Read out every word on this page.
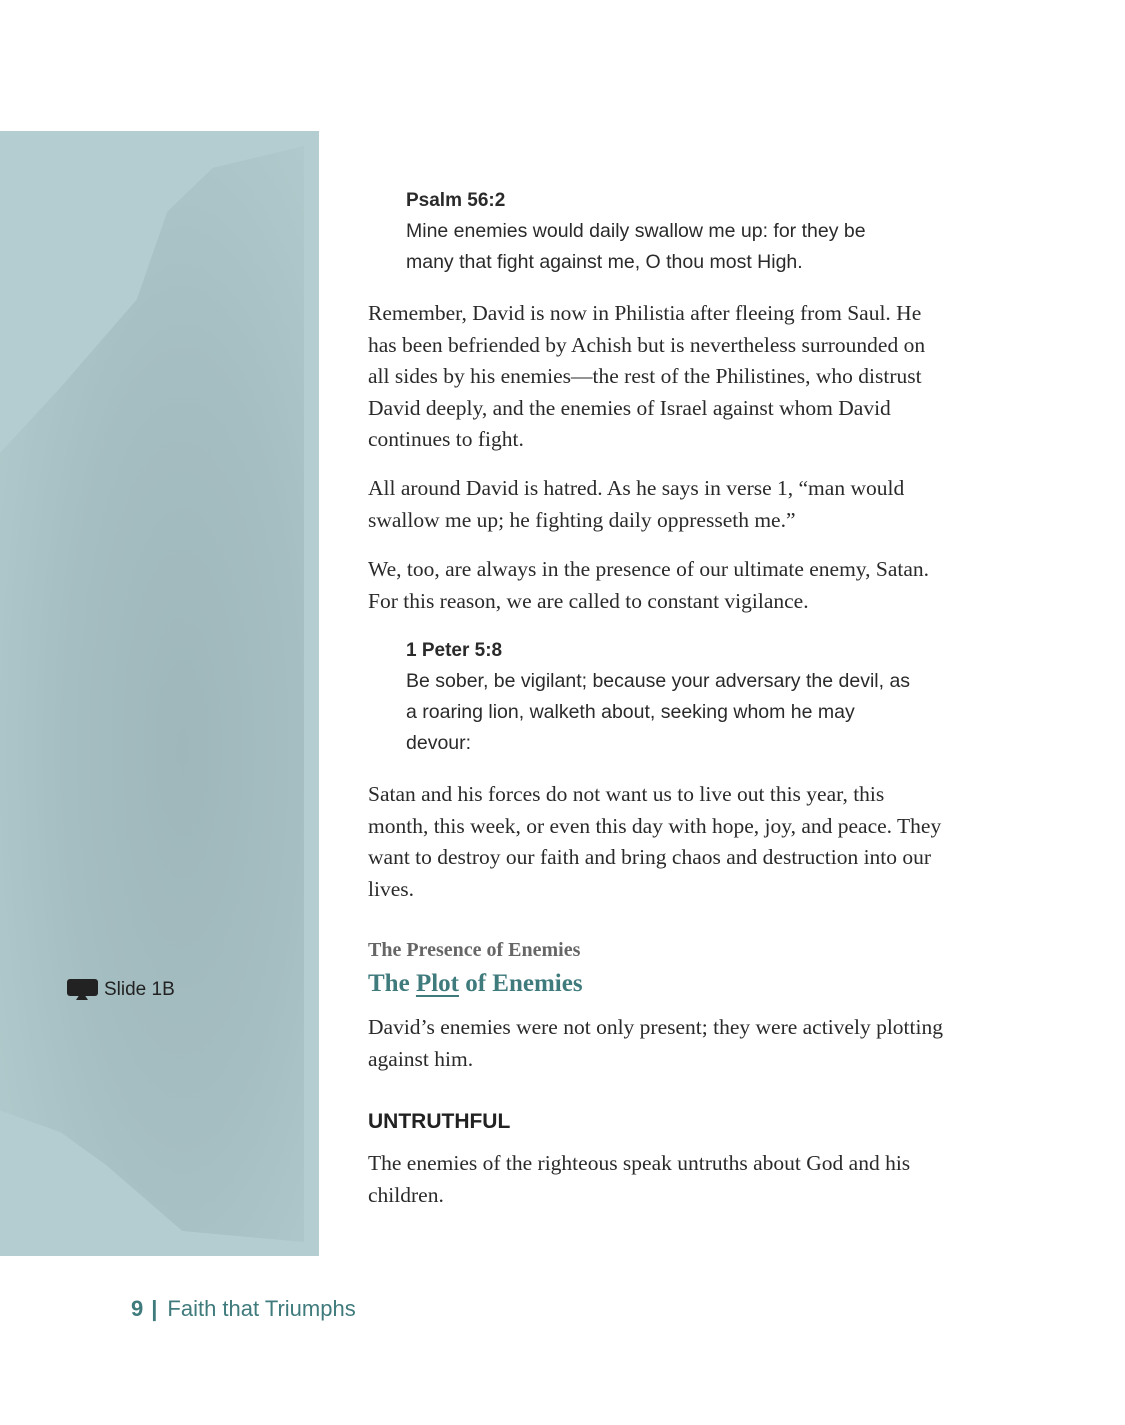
Slide 1B
Psalm 56:2
Mine enemies would daily swallow me up: for they be many that fight against me, O thou most High.

Remember, David is now in Philistia after fleeing from Saul. He has been befriended by Achish but is nevertheless surrounded on all sides by his enemies—the rest of the Philistines, who distrust David deeply, and the enemies of Israel against whom David continues to fight.

All around David is hatred. As he says in verse 1, “man would swallow me up; he fighting daily oppresseth me.”

We, too, are always in the presence of our ultimate enemy, Satan. For this reason, we are called to constant vigilance.

1 Peter 5:8
Be sober, be vigilant; because your adversary the devil, as a roaring lion, walketh about, seeking whom he may devour:

Satan and his forces do not want us to live out this year, this month, this week, or even this day with hope, joy, and peace. They want to destroy our faith and bring chaos and destruction into our lives.

The Presence of Enemies
The Plot of Enemies

David’s enemies were not only present; they were actively plotting against him.

UNTRUTHFUL

The enemies of the righteous speak untruths about God and his children.

9 | Faith that Triumphs
